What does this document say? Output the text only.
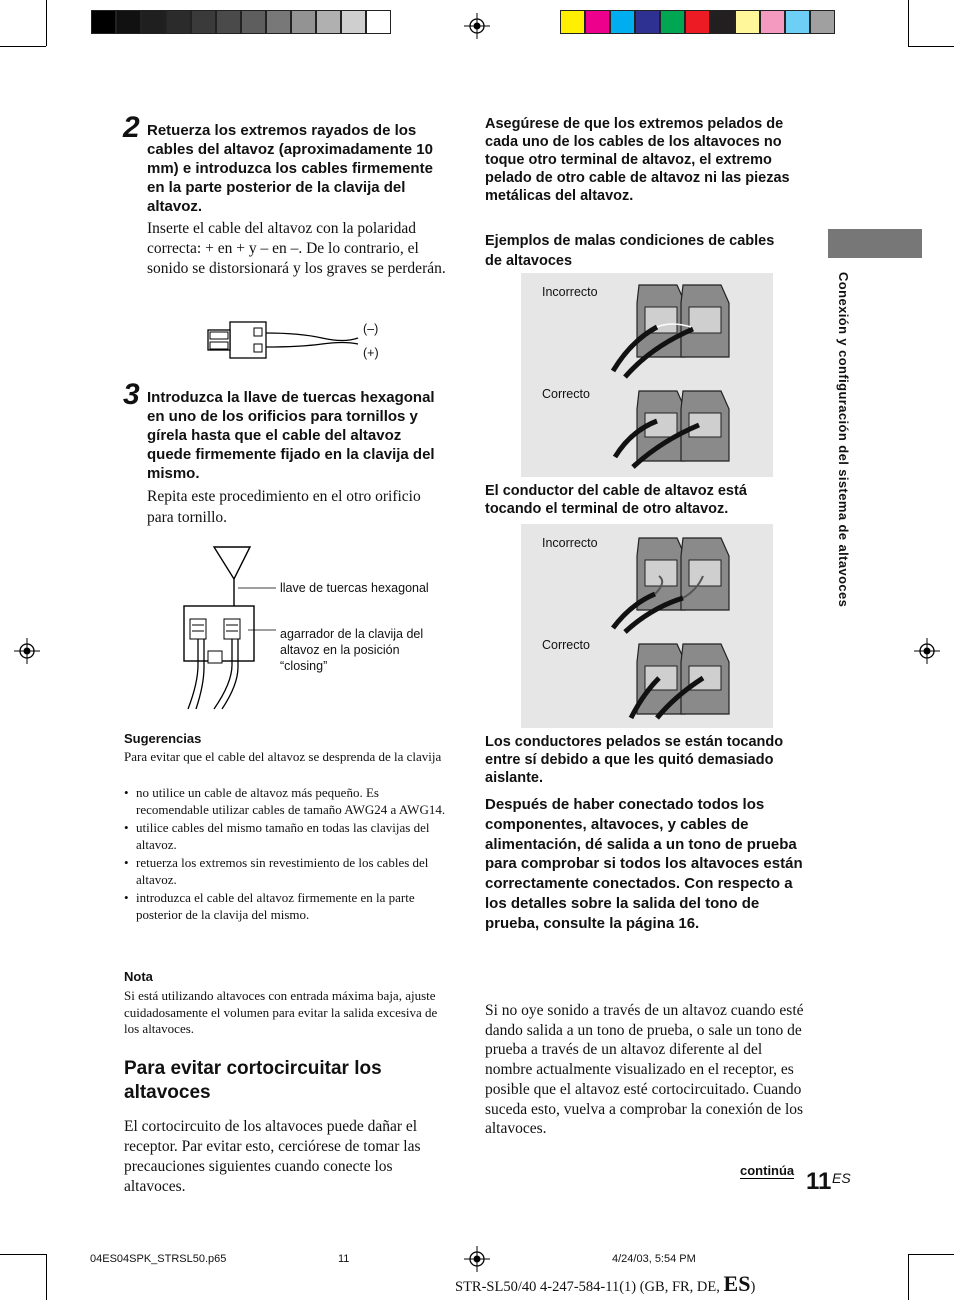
2 Retuerza los extremos rayados de los cables del altavoz (aproximadamente 10 mm) e introduzca los cables firmemente en la parte posterior de la clavija del altavoz.
Inserte el cable del altavoz con la polaridad correcta: + en + y – en –. De lo contrario, el sonido se distorsionará y los graves se perderán.
(–)
(+)
3 Introduzca la llave de tuercas hexagonal en uno de los orificios para tornillos y gírela hasta que el cable del altavoz quede firmemente fijado en la clavija del mismo.
Repita este procedimiento en el otro orificio para tornillo.
llave de tuercas hexagonal
agarrador de la clavija del altavoz en la posición “closing”
Sugerencias
Para evitar que el cable del altavoz se desprenda de la clavija
• no utilice un cable de altavoz más pequeño. Es recomendable utilizar cables de tamaño AWG24 a AWG14.
• utilice cables del mismo tamaño en todas las clavijas del altavoz.
• retuerza los extremos sin revestimiento de los cables del altavoz.
• introduzca el cable del altavoz firmemente en la parte posterior de la clavija del mismo.
Nota
Si está utilizando altavoces con entrada máxima baja, ajuste cuidadosamente el volumen para evitar la salida excesiva de los altavoces.
Para evitar cortocircuitar los altavoces
El cortocircuito de los altavoces puede dañar el receptor. Par evitar esto, cerciórese de tomar las precauciones siguientes cuando conecte los altavoces.
Asegúrese de que los extremos pelados de cada uno de los cables de los altavoces no toque otro terminal de altavoz, el extremo pelado de otro cable de altavoz ni las piezas metálicas del altavoz.
Ejemplos de malas condiciones de cables de altavoces
Incorrecto
Correcto
El conductor del cable de altavoz está tocando el terminal de otro altavoz.
Incorrecto
Correcto
Los conductores pelados se están tocando entre sí debido a que les quitó demasiado aislante.
Después de haber conectado todos los componentes, altavoces, y cables de alimentación, dé salida a un tono de prueba para comprobar si todos los altavoces están correctamente conectados. Con respecto a los detalles sobre la salida del tono de prueba, consulte la página 16.
Si no oye sonido a través de un altavoz cuando esté dando salida a un tono de prueba, o sale un tono de prueba a través de un altavoz diferente al del nombre actualmente visualizado en el receptor, es posible que el altavoz esté cortocircuitado. Cuando suceda esto, vuelva a comprobar la conexión de los altavoces.
Conexión y configuración del sistema de altavoces
continúa 11 ES
04ES04SPK_STRSL50.p65	11	4/24/03, 5:54 PM
STR-SL50/40 4-247-584-11(1) (GB, FR, DE, ES)
